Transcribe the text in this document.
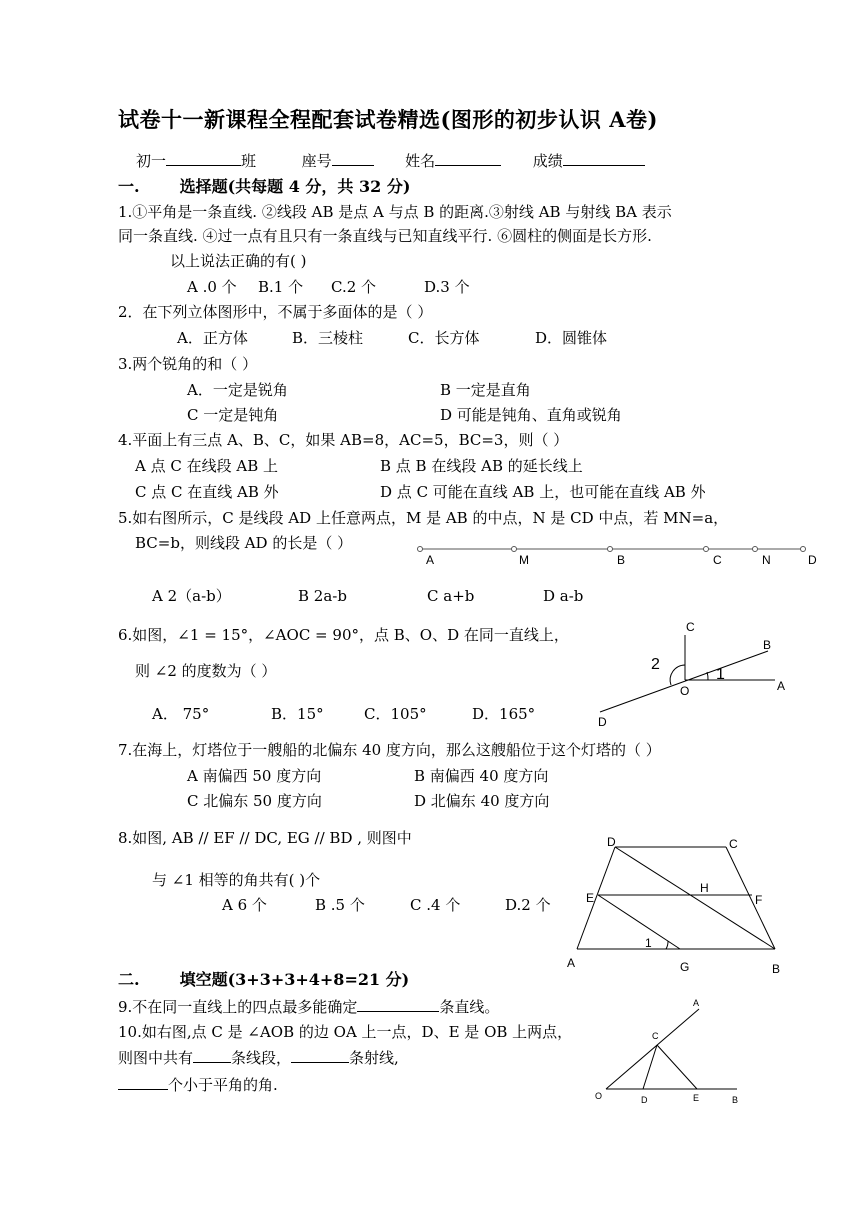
试卷十一新课程全程配套试卷精选(图形的初步认识 A卷)
初一	班	座号	姓名	成绩
一.	选择题(共每题 4 分，共 32 分)
1.①平角是一条直线. ②线段 AB 是点 A 与点 B 的距离.③射线 AB 与射线 BA 表示
同一条直线. ④过一点有且只有一条直线与已知直线平行. ⑥圆柱的侧面是长方形.
以上说法正确的有( )
A .0 个 B.1 个 C.2 个	D.3 个
2．在下列立体图形中，不属于多面体的是（ ）
A．正方体	B．三棱柱	C．长方体	D．圆锥体
3.两个锐角的和（ ）
A．一定是锐角	B 一定是直角
C 一定是钝角	D 可能是钝角、直角或锐角
4.平面上有三点 A、B、C，如果 AB=8，AC=5，BC=3，则（ ）
A 点 C 在线段 AB 上	B 点 B 在线段 AB 的延长线上
C 点 C 在直线 AB 外	D 点 C 可能在直线 AB 上，也可能在直线 AB 外
5.如右图所示，C 是线段 AD 上任意两点，M 是 AB 的中点，N 是 CD 中点，若 MN=a，
BC=b，则线段 AD 的长是（ ）
A 2（a-b）	B 2a-b	C a+b	D a-b
6.如图，∠1 = 15°，∠AOC = 90°，点 B、O、D 在同一直线上，
则 ∠2 的度数为（ ）
A． 75°	B．15°	C．105°	D．165°
7.在海上，灯塔位于一艘船的北偏东 40 度方向，那么这艘船位于这个灯塔的（ ）
A 南偏西 50 度方向	B 南偏西 40 度方向
C 北偏东 50 度方向	D 北偏东 40 度方向
8.如图, AB // EF // DC, EG // BD , 则图中
与 ∠1 相等的角共有( )个
A 6 个	B .5 个	C .4 个	D.2 个
二.	填空题(3+3+3+4+8=21 分)
9.不在同一直线上的四点最多能确定	条直线。
10.如右图,点 C 是 ∠AOB 的边 OA 上一点，D、E 是 OB 上两点，
则图中共有	条线段，	条射线,
个小于平角的角.
A	M	B	C	N	D
C
B
A
O
D
1
2
D	C
E
H
F
A	G	B
1
A
C
O	D	E	B
